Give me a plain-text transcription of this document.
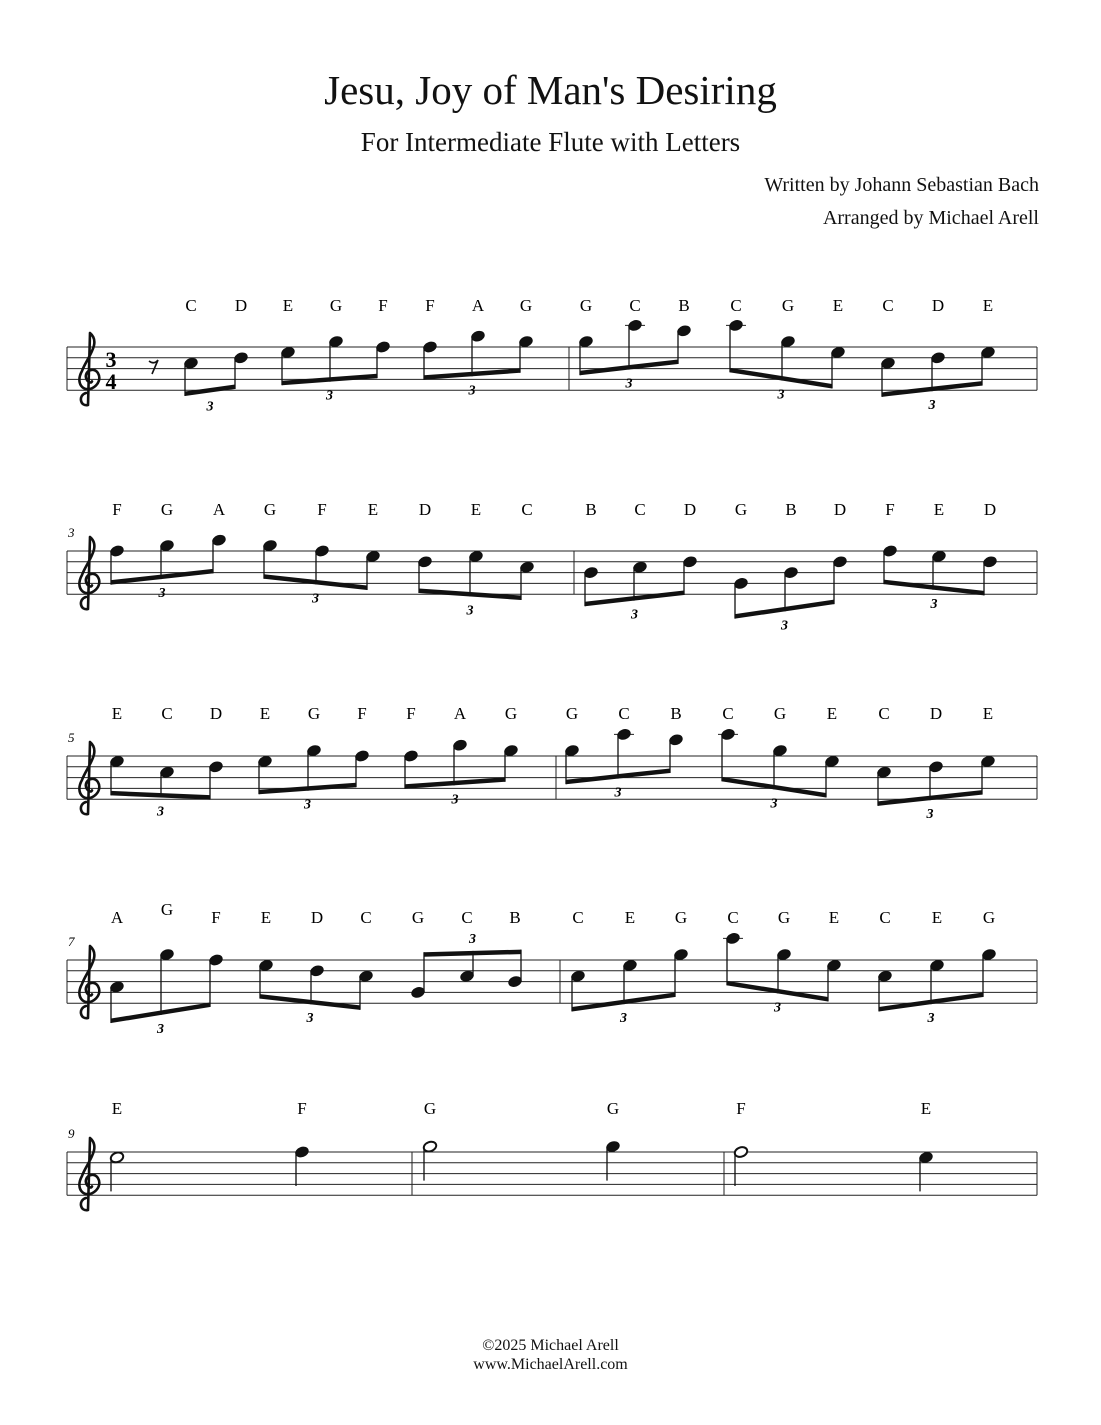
Jesu, Joy of Man's Desiring
For Intermediate Flute with Letters
Written by Johann Sebastian Bach
Arranged by Michael Arell
3
4
C D E G F F A G	G C B C G E C D E
3
3	3	3
3
3
3
F G A G F E D E C	B C D G B D F E D
3	3
3	3
3
3
5
E C D E G F F A G	G C B C G E C D E
3	3	3	3
3
3
7
A G F E D C G C B	C E G C G E C E G
3
3
3
3
3
3
9
E	F	G	G	F	E
©2025 Michael Arell
www.MichaelArell.com
